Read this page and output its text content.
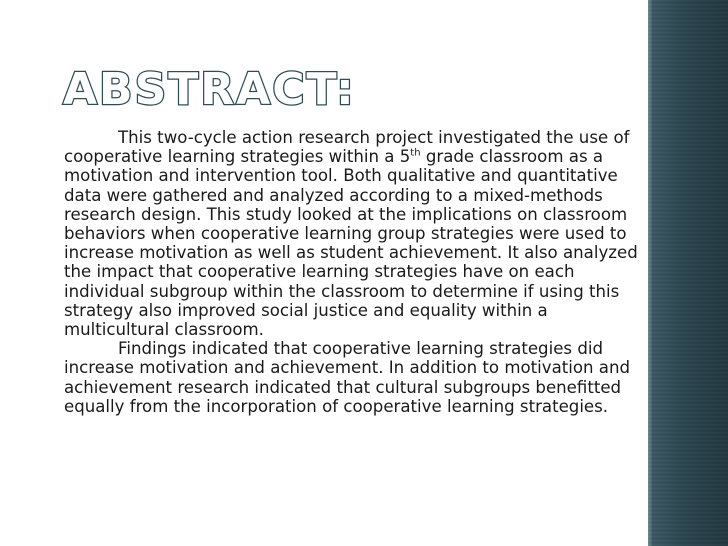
ABSTRACT:

This two-cycle action research project investigated the use of cooperative learning strategies within a 5th grade classroom as a motivation and intervention tool. Both qualitative and quantitative data were gathered and analyzed according to a mixed-methods research design. This study looked at the implications on classroom behaviors when cooperative learning group strategies were used to increase motivation as well as student achievement. It also analyzed the impact that cooperative learning strategies have on each individual subgroup within the classroom to determine if using this strategy also improved social justice and equality within a multicultural classroom.

Findings indicated that cooperative learning strategies did increase motivation and achievement. In addition to motivation and achievement research indicated that cultural subgroups benefitted equally from the incorporation of cooperative learning strategies.
